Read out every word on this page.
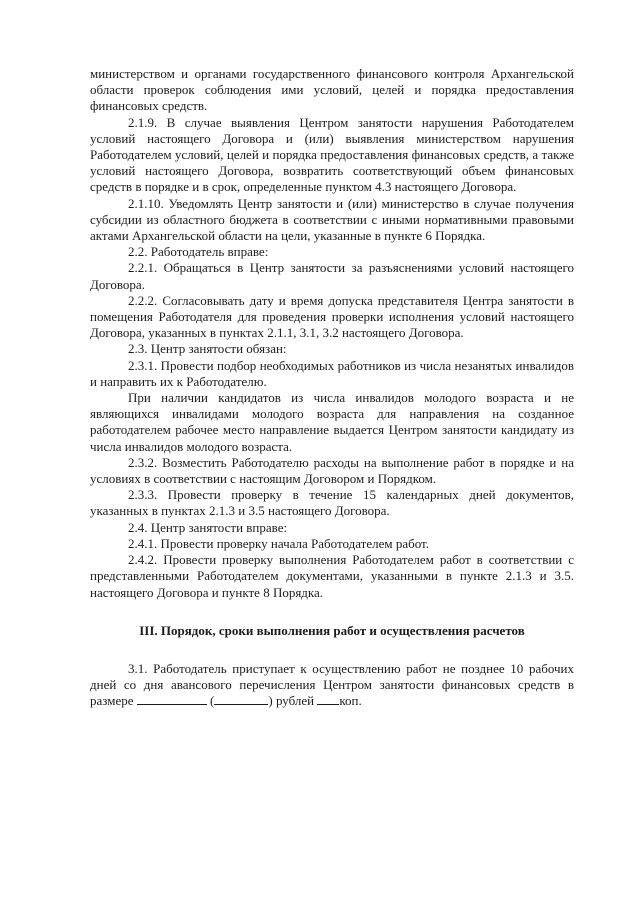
министерством и органами государственного финансового контроля Архангельской области проверок соблюдения ими условий, целей и порядка предоставления финансовых средств.

2.1.9. В случае выявления Центром занятости нарушения Работодателем условий настоящего Договора и (или) выявления министерством нарушения Работодателем условий, целей и порядка предоставления финансовых средств, а также условий настоящего Договора, возвратить соответствующий объем финансовых средств в порядке и в срок, определенные пунктом 4.3 настоящего Договора.

2.1.10. Уведомлять Центр занятости и (или) министерство в случае получения субсидии из областного бюджета в соответствии с иными нормативными правовыми актами Архангельской области на цели, указанные в пункте 6 Порядка.

2.2. Работодатель вправе:

2.2.1. Обращаться в Центр занятости за разъяснениями условий настоящего Договора.

2.2.2. Согласовывать дату и время допуска представителя Центра занятости в помещения Работодателя для проведения проверки исполнения условий настоящего Договора, указанных в пунктах 2.1.1, 3.1, 3.2 настоящего Договора.

2.3. Центр занятости обязан:

2.3.1. Провести подбор необходимых работников из числа незанятых инвалидов и направить их к Работодателю.

При наличии кандидатов из числа инвалидов молодого возраста и не являющихся инвалидами молодого возраста для направления на созданное работодателем рабочее место направление выдается Центром занятости кандидату из числа инвалидов молодого возраста.

2.3.2. Возместить Работодателю расходы на выполнение работ в порядке и на условиях в соответствии с настоящим Договором и Порядком.

2.3.3. Провести проверку в течение 15 календарных дней документов, указанных в пунктах 2.1.3 и 3.5 настоящего Договора.

2.4. Центр занятости вправе:

2.4.1. Провести проверку начала Работодателем работ.

2.4.2. Провести проверку выполнения Работодателем работ в соответствии с представленными Работодателем документами, указанными в пункте 2.1.3 и 3.5. настоящего Договора и пункте 8 Порядка.

III. Порядок, сроки выполнения работ и осуществления расчетов

3.1. Работодатель приступает к осуществлению работ не позднее 10 рабочих дней со дня авансового перечисления Центром занятости финансовых средств в размере	(	) рублей коп.
